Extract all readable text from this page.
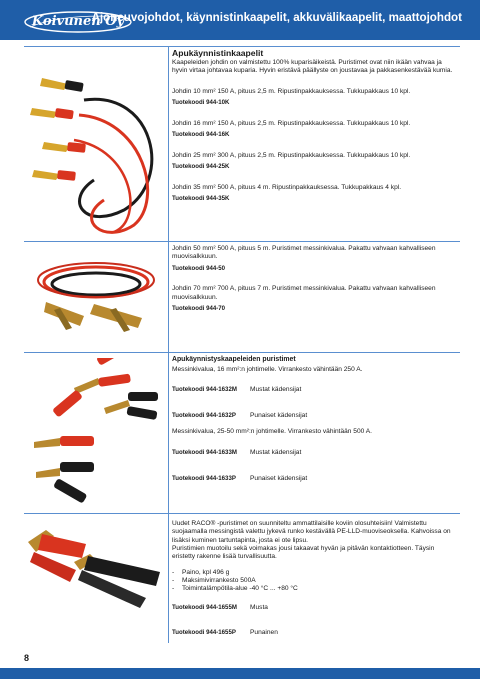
Koivunen Oy
Ajoneuvojohdot, käynnistinkaapelit, akkuvälikaapelit, maattojohdot
Apukäynnistinkaapelit

Kaapeleiden johdin on valmistettu 100% kuparisäikeistä. Puristimet ovat niin ikään vahvaa ja hyvin virtaa johtavaa kuparia. Hyvin eristävä päällyste on joustavaa ja pakkasenkestävää kumia.

Johdin 10 mm² 150 A, pituus 2,5 m. Ripustinpakkauksessa. Tukkupakkaus 10 kpl.

Tuotekoodi 944-10K

Johdin 16 mm² 150 A, pituus 2,5 m. Ripustinpakkauksessa. Tukkupakkaus 10 kpl.

Tuotekoodi 944-16K

Johdin 25 mm² 300 A, pituus 2,5 m. Ripustinpakkauksessa. Tukkupakkaus 10 kpl.

Tuotekoodi 944-25K

Johdin 35 mm² 500 A, pituus 4 m. Ripustinpakkauksessa. Tukkupakkaus 4 kpl.

Tuotekoodi 944-35K

Johdin 50 mm² 500 A, pituus 5 m. Puristimet messinkivalua. Pakattu vahvaan kahvalliseen muovisalkkuun.

Tuotekoodi 944-50

Johdin 70 mm² 700 A, pituus 7 m. Puristimet messinkivalua. Pakattu vahvaan kahvalliseen muovisalkkuun.

Tuotekoodi 944-70

Apukäynnistyskaapeleiden puristimet

Messinkivalua, 16 mm²:n johtimelle. Virrankesto vähintään 250 A.

Tuotekoodi 944-1632M	Mustat kädensijat
Tuotekoodi 944-1632P	Punaiset kädensijat

Messinkivalua, 25-50 mm²:n johtimelle. Virrankesto vähintään 500 A.

Tuotekoodi 944-1633M	Mustat kädensijat
Tuotekoodi 944-1633P	Punaiset kädensijat

Uudet RACO® -puristimet on suunniteltu ammattilaisille koviin olosuhteisiin! Valmistettu suojaamalla messingistä valettu jykevä runko kestävällä PE-LLD-muoviseoksella. Kahvoissa on lisäksi kuminen tartuntapinta, josta ei ote lipsu.

Puristimien muotoilu sekä voimakas jousi takaavat hyvän ja pitävän kontaktiotteen. Täysin eristetty rakenne lisää turvallisuutta.

- Paino, kpl 496 g
- Maksimivirrankesto 500A
- Toimintalämpötila-alue -40 °C ... +80 °C
Tuotekoodi 944-1655M	Musta
Tuotekoodi 944-1655P	Punainen
8
